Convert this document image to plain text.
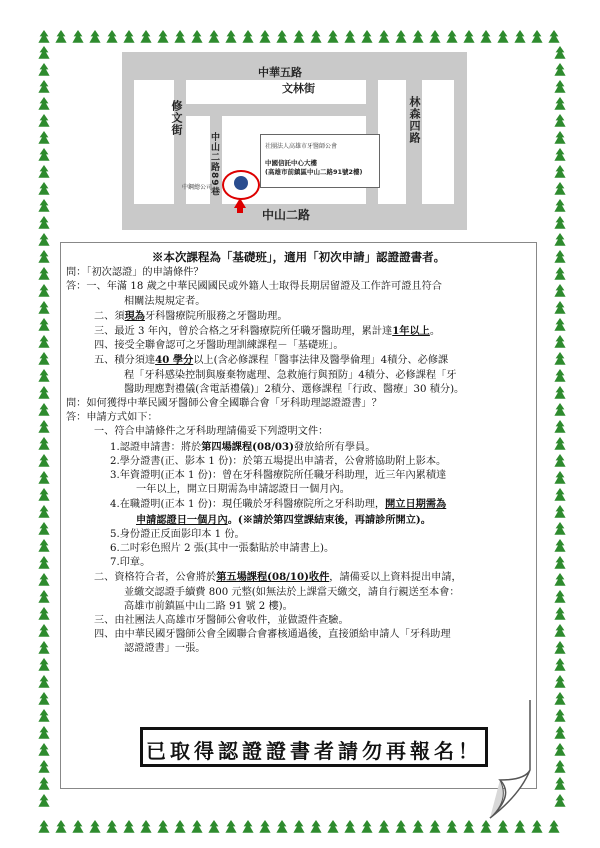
中華五路
文林街
修文街	林森四路
中山二路89巷
中山二路
中鋼總公司
社團法人高雄市牙醫師公會
中國信託中心大樓
(高雄市前鎮區中山二路91號2樓)
※本次課程為「基礎班」，適用「初次申請」認證證書者。
問：「初次認證」的申請條件？
答：一、年滿 18 歲之中華民國國民或外籍人士取得長期居留證及工作許可證且符合
相關法規規定者。
二、須現為牙科醫療院所服務之牙醫助理。
三、最近 3 年內，曾於合格之牙科醫療院所任職牙醫助理，累計達1年以上。
四、接受全聯會認可之牙醫助理訓練課程－「基礎班」。
五、積分須達40 學分以上(含必修課程「醫事法律及醫學倫理」4積分、必修課
程「牙科感染控制與廢棄物處理、急救施行與預防」4積分、必修課程「牙
醫助理應對禮儀(含電話禮儀)」2積分、選修課程「行政、醫療」30 積分)。
問：如何獲得中華民國牙醫師公會全國聯合會「牙科助理認證證書」？
答：申請方式如下：
一、符合申請條件之牙科助理請備妥下列證明文件：
1.認證申請書：將於第四場課程(08/03)發放給所有學員。
2.學分證書(正、影本 1 份)：於第五場提出申請者，公會將協助附上影本。
3.年資證明(正本 1 份)：曾在牙科醫療院所任職牙科助理，近三年內累積達
一年以上，開立日期需為申請認證日一個月內。
4.在職證明(正本 1 份)：現任職於牙科醫療院所之牙科助理，開立日期需為
申請認證日一個月內。(※請於第四堂課結束後，再請診所開立)。
5.身份證正反面影印本 1 份。
6.二吋彩色照片 2 張(其中一張黏貼於申請書上)。
7.印章。
二、資格符合者，公會將於第五場課程(08/10)收件，請備妥以上資料提出申請，
並繳交認證手續費 800 元整(如無法於上課當天繳交，請自行親送至本會：
高雄市前鎮區中山二路 91 號 2 樓)。
三、由社團法人高雄市牙醫師公會收件，並做證件查驗。
四、由中華民國牙醫師公會全國聯合會審核通過後，直接頒給申請人「牙科助理
認證證書」一張。
已取得認證證書者請勿再報名！
